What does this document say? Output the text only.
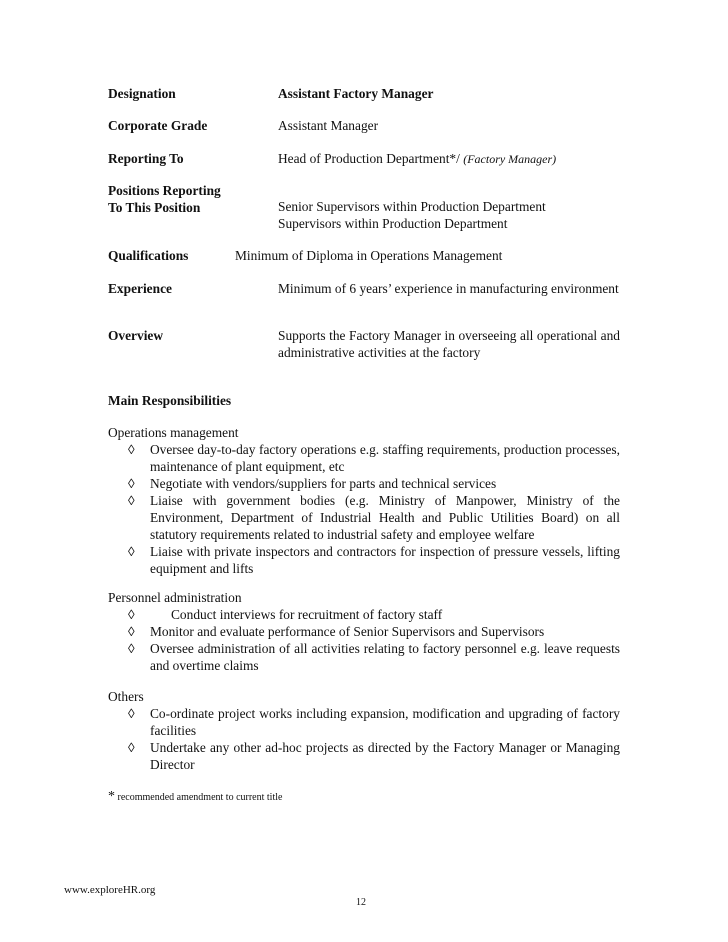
Designation	Assistant Factory Manager
Corporate Grade	Assistant Manager
Reporting To	Head of Production Department*/ (Factory Manager)
Positions Reporting
To This Position	Senior Supervisors within Production Department
Supervisors within Production Department
Qualifications	Minimum of Diploma in Operations Management
Experience	Minimum of 6 years’ experience in manufacturing environment
Overview	Supports the Factory Manager in overseeing all operational and administrative activities at the factory
Main Responsibilities
Operations management
◊ Oversee day-to-day factory operations e.g. staffing requirements, production processes, maintenance of plant equipment, etc
◊ Negotiate with vendors/suppliers for parts and technical services
◊ Liaise with government bodies (e.g. Ministry of Manpower, Ministry of the Environment, Department of Industrial Health and Public Utilities Board) on all statutory requirements related to industrial safety and employee welfare
◊ Liaise with private inspectors and contractors for inspection of pressure vessels, lifting equipment and lifts
Personnel administration
◊	Conduct interviews for recruitment of factory staff
◊ Monitor and evaluate performance of Senior Supervisors and Supervisors
◊ Oversee administration of all activities relating to factory personnel e.g. leave requests and overtime claims
Others
◊ Co-ordinate project works including expansion, modification and upgrading of factory facilities
◊ Undertake any other ad-hoc projects as directed by the Factory Manager or Managing Director
* recommended amendment to current title
www.exploreHR.org
12
